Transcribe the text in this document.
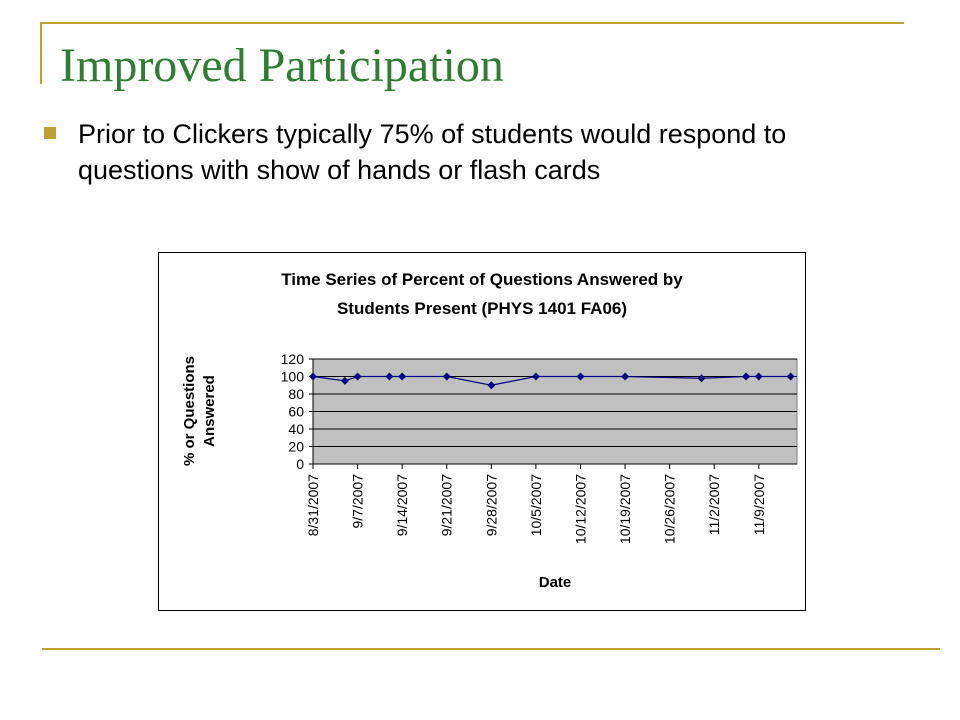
Improved Participation

Prior to Clickers typically 75% of students would respond to questions with show of hands or flash cards

Time Series of Percent of Questions Answered by
Students Present (PHYS 1401 FA06)
0
20
40
60
80
100
120
8/31/2007 9/7/2007 9/14/2007 9/21/2007 9/28/2007 10/5/2007 10/12/2007 10/19/2007 10/26/2007 11/2/2007 11/9/2007
Date
% or Questions Answered
